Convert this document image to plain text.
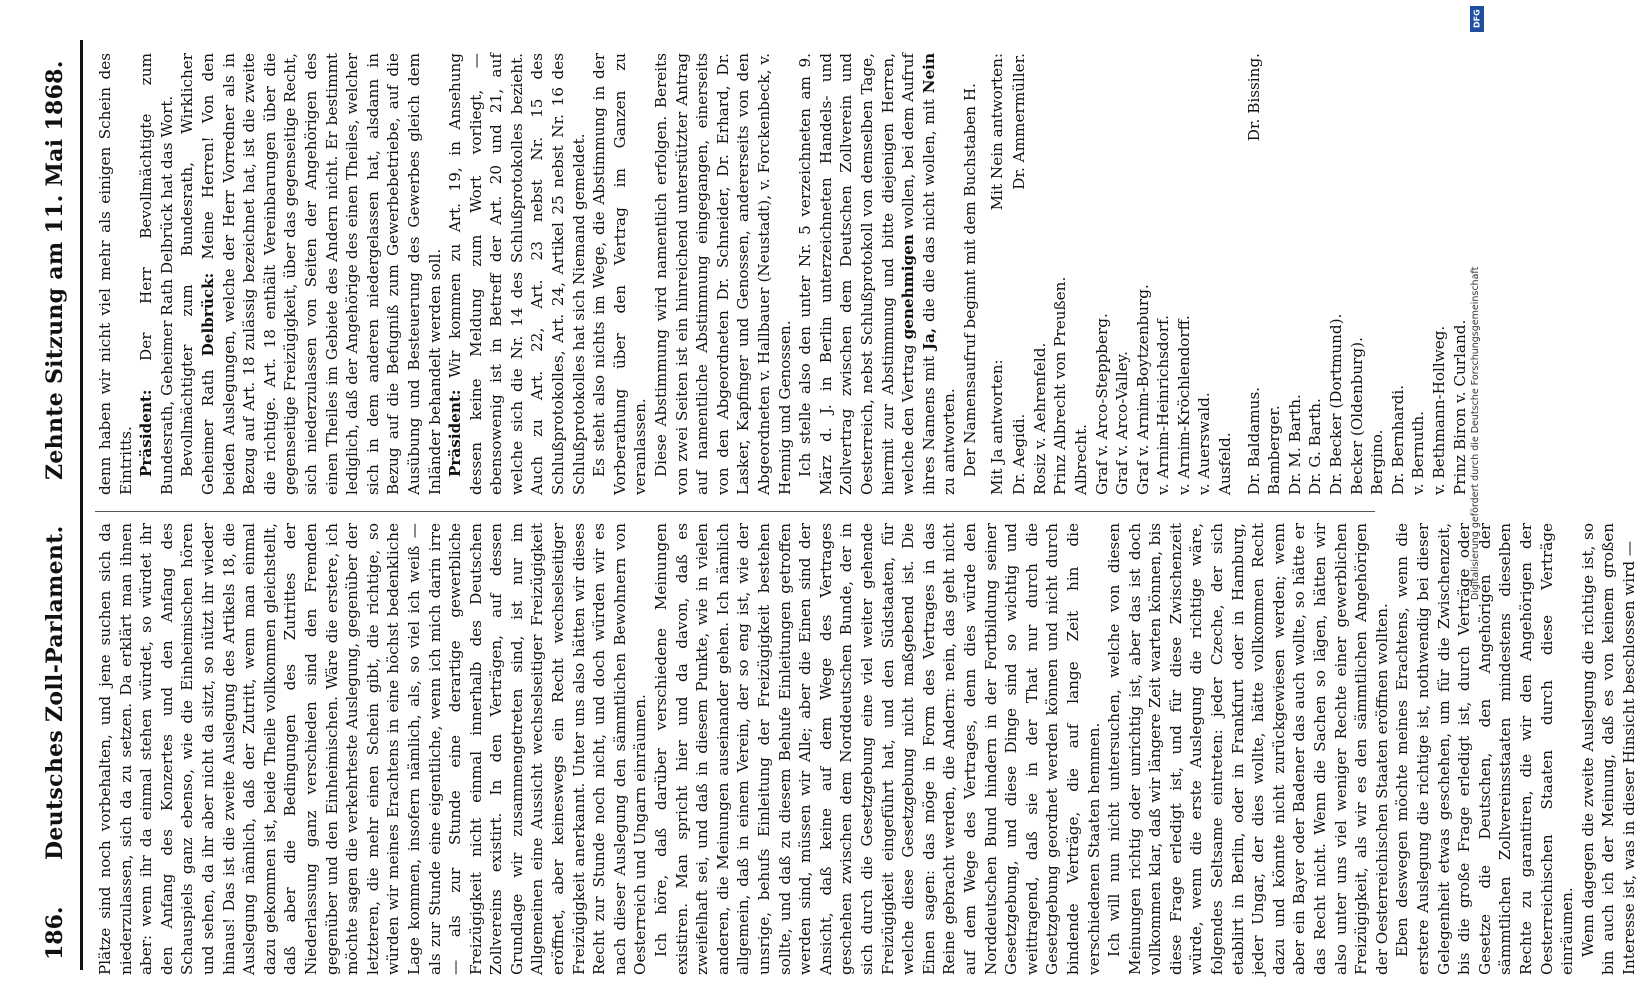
186.
Deutsches Zoll-Parlament.
Zehnte Sitzung am 11. Mai 1868.

Plätze sind noch vorbehalten, und jene suchen sich da niederzulassen, sich da zu setzen. Da erklärt man ihnen aber: wenn ihr da einmal stehen würdet, so würdet ihr den Anfang des Konzertes und den Anfang des Schauspiels ganz ebenso, wie die Einheimischen hören und sehen, da ihr aber nicht da sitzt, so nützt ihr wieder hinaus! Das ist die zweite Auslegung des Artikels 18, die Auslegung nämlich, daß der Zutritt, wenn man einmal dazu gekommen ist, beide Theile vollkommen gleichstellt, daß aber die Bedingungen des Zutrittes der Niederlassung ganz verschieden sind den Fremden gegenüber und den Einheimischen. Wäre die erstere, ich möchte sagen die verkehrteste Auslegung, gegenüber der letzteren, die mehr einen Schein gibt, die richtige, so würden wir meines Erachtens in eine höchst bedenkliche Lage kommen, insofern nämlich, als, so viel ich weiß — als zur Stunde eine eigentliche, wenn ich mich darin irre — als zur Stunde eine derartige gewerbliche Freizügigkeit nicht einmal innerhalb des Deutschen Zollvereins existirt. In den Verträgen, auf dessen Grundlage wir zusammengetreten sind, ist nur im Allgemeinen eine Aussicht wechselseitiger Freizügigkeit eröffnet, aber keineswegs ein Recht wechselseitiger Freizügigkeit anerkannt. Unter uns also hätten wir dieses Recht zur Stunde noch nicht, und doch würden wir es nach dieser Auslegung den sämmtlichen Bewohnern von Oesterreich und Ungarn einräumen. Ich höre, daß darüber verschiedene Meinungen existiren. Man spricht hier und da davon, daß es zweifelhaft sei, und daß in diesem Punkte, wie in vielen anderen, die Meinungen auseinander gehen. Ich nämlich allgemein, daß in einem Verein, der so eng ist, wie der unsrige, behufs Einleitung der Freizügigkeit bestehen sollte, und daß zu diesem Behufe Einleitungen getroffen werden sind, müssen wir Alle; aber die Einen sind der Ansicht, daß keine auf dem Wege des Vertrages geschehen zwischen dem Norddeutschen Bunde, der in sich durch die Gesetzgebung eine viel weiter gehende Freizügigkeit eingeführt hat, und den Südstaaten, für welche diese Gesetzgebung nicht maßgebend ist. Die Einen sagen: das möge in Form des Vertrages in das Reine gebracht werden, die Andern: nein, das geht nicht auf dem Wege des Vertrages, denn dies würde den Norddeutschen Bund hindern in der Fortbildung seiner Gesetzgebung, und diese Dinge sind so wichtig und weittragend, daß sie in der That nur durch die Gesetzgebung geordnet werden können und nicht durch bindende Verträge, die auf lange Zeit hin die verschiedenen Staaten hemmen. Ich will nun nicht untersuchen, welche von diesen Meinungen richtig oder unrichtig ist, aber das ist doch vollkommen klar, daß wir längere Zeit warten können, bis diese Frage erledigt ist, und für diese Zwischenzeit würde, wenn die erste Auslegung die richtige wäre, folgendes Seltsame eintreten: jeder Czeche, der sich etablirt in Berlin, oder in Frankfurt oder in Hamburg, jeder Ungar, der dies wollte, hätte vollkommen Recht dazu und könnte nicht zurückgewiesen werden; wenn aber ein Bayer oder Badener das auch wollte, so hätte er das Recht nicht. Wenn die Sachen so lägen, hätten wir also unter uns viel weniger Rechte einer gewerblichen Freizügigkeit, als wir es den sämmtlichen Angehörigen der Oesterreichischen Staaten eröffnen wollten. Eben deswegen möchte meines Erachtens, wenn die erstere Auslegung die richtige ist, nothwendig bei dieser Gelegenheit etwas geschehen, um für die Zwischenzeit, bis die große Frage erledigt ist, durch Verträge oder Gesetze die Deutschen, den Angehörigen der sämmtlichen Zollvereinsstaaten mindestens dieselben Rechte zu garantiren, die wir den Angehörigen der Oesterreichischen Staaten durch diese Verträge einräumen. Wenn dagegen die zweite Auslegung die richtige ist, so bin auch ich der Meinung, daß es von keinem großen Interesse ist, was in dieser Hinsicht beschlossen wird —

denn haben wir nicht viel mehr als einigen Schein des Eintritts. Präsident: Der Herr Bevollmächtigte zum Bundesrath, Geheimer Rath Delbrück hat das Wort. Bevollmächtigter zum Bundesrath, Wirklicher Geheimer Rath Delbrück: Meine Herren! Von den beiden Auslegungen, welche der Herr Vorredner als in Bezug auf Art. 18 zulässig bezeichnet hat, ist die zweite die richtige. Art. 18 enthält Vereinbarungen über die gegenseitige Freizügigkeit, über das gegenseitige Recht, sich niederzulassen von Seiten der Angehörigen des einen Theiles im Gebiete des Andern nicht. Er bestimmt lediglich, daß der Angehörige des einen Theiles, welcher sich in dem anderen niedergelassen hat, alsdann in Bezug auf die Befugniß zum Gewerbebetriebe, auf die Ausübung und Besteuerung des Gewerbes gleich dem Inländer behandelt werden soll. Präsident: Wir kommen zu Art. 19, in Ansehung dessen keine Meldung zum Wort vorliegt, — ebensowenig ist in Betreff der Art. 20 und 21, auf welche sich die Nr. 14 des Schlußprotokolles bezieht. Auch zu Art. 22, Art. 23 nebst Nr. 15 des Schlußprotokolles, Art. 24, Artikel 25 nebst Nr. 16 des Schlußprotokolles hat sich Niemand gemeldet. Es steht also nichts im Wege, die Abstimmung in der Vorberathung über den Vertrag im Ganzen zu veranlassen. Diese Abstimmung wird namentlich erfolgen. Bereits von zwei Seiten ist ein hinreichend unterstützter Antrag auf namentliche Abstimmung eingegangen, einerseits von den Abgeordneten Dr. Schneider, Dr. Erhard, Dr. Lasker, Kapfinger und Genossen, andererseits von den Abgeordneten v. Hallbauer (Neustadt), v. Forckenbeck, v. Hennig und Genossen. Ich stelle also den unter Nr. 5 verzeichneten am 9. März d. J. in Berlin unterzeichneten Handels- und Zollvertrag zwischen dem Deutschen Zollverein und Oesterreich, nebst Schlußprotokoll von demselben Tage, hiermit zur Abstimmung und bitte diejenigen Herren, welche den Vertrag genehmigen wollen, bei dem Aufruf ihres Namens mit Ja, die die das nicht wollen, mit Nein zu antworten. Der Namensaufruf beginnt mit dem Buchstaben H. Mit Ja antworten:
Mit Nein antworten:
Dr. Aegidi. Rosiz v. Aehrenfeld. Prinz Albrecht von Preußen. Albrecht. Graf v. Arco-Steppberg. Graf v. Arco-Valley. Graf v. Arnim-Boytzenburg. v. Arnim-Heinrichsdorf. v. Arnim-Kröchlendorff. v. Auerswald. Ausfeld.
Dr. Ammermüller.
Dr. Baldamus. Bamberger. Dr. M. Barth. Dr. G. Barth. Dr. Becker (Dortmund). Becker (Oldenburg). Bergino. Dr. Bernhardi. v. Bernuth. v. Bethmann-Hollweg. Prinz Biron v. Curland.
Dr. Bissing.
DFG
Digitalisierung gefördert durch die Deutsche Forschungsgemeinschaft
